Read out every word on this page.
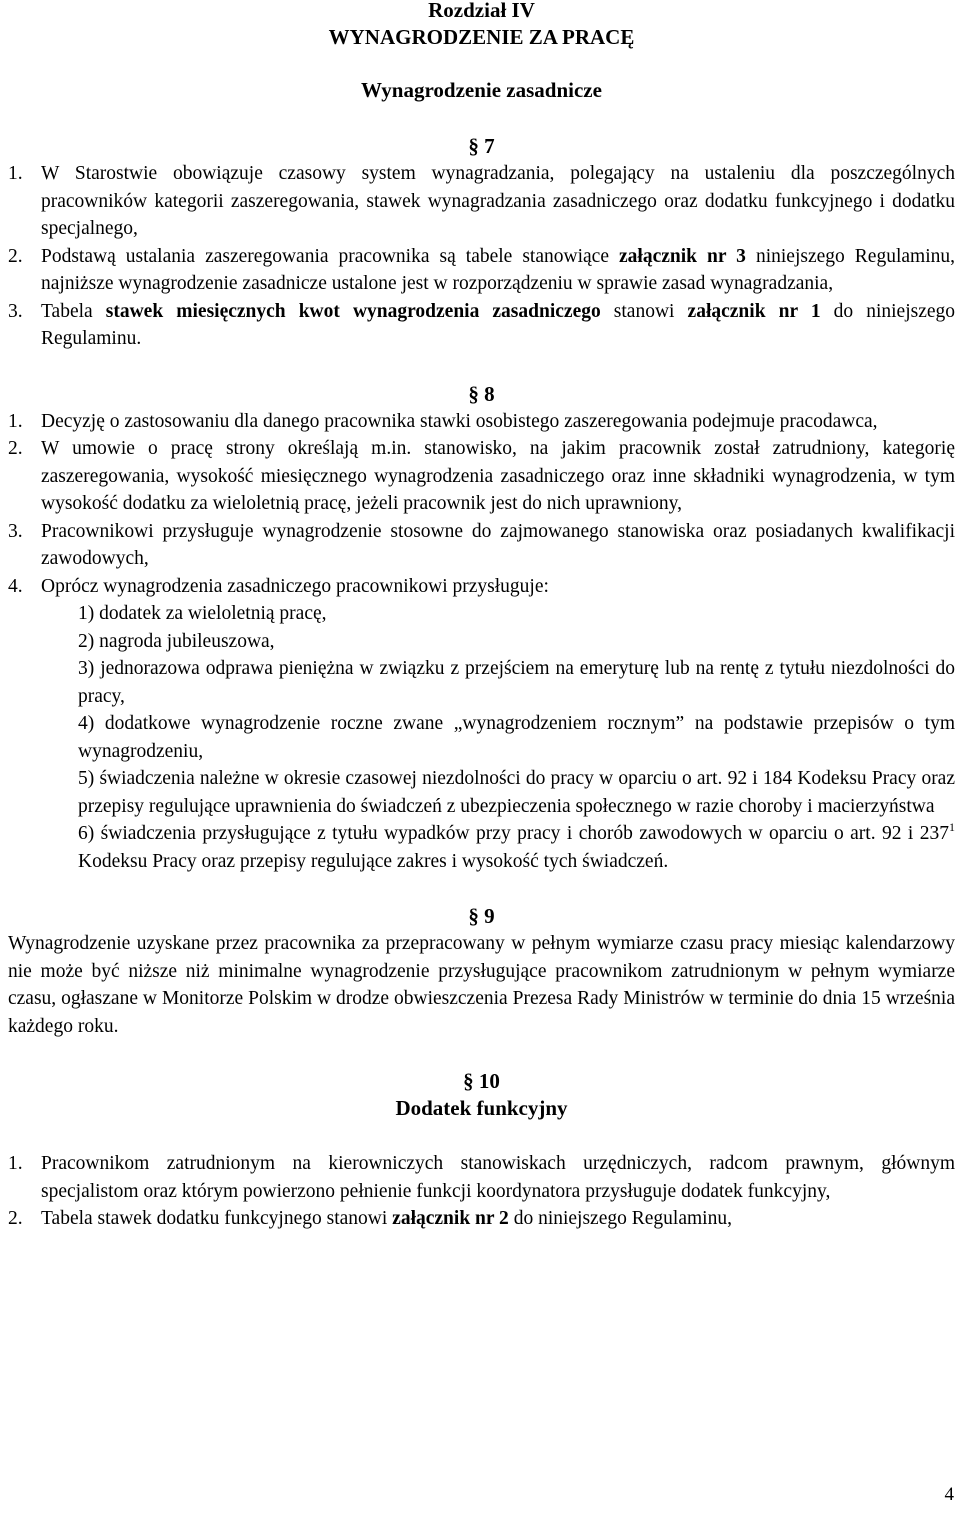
Rozdział IV
WYNAGRODZENIE ZA PRACĘ
Wynagrodzenie zasadnicze
§ 7
1. W Starostwie obowiązuje czasowy system wynagradzania, polegający na ustaleniu dla poszczególnych pracowników kategorii zaszeregowania, stawek wynagradzania zasadniczego oraz dodatku funkcyjnego i dodatku specjalnego,
2. Podstawą ustalania zaszeregowania pracownika są tabele stanowiące załącznik nr 3 niniejszego Regulaminu, najniższe wynagrodzenie zasadnicze ustalone jest w rozporządzeniu w sprawie zasad wynagradzania,
3. Tabela stawek miesięcznych kwot wynagrodzenia zasadniczego stanowi załącznik nr 1 do niniejszego Regulaminu.
§ 8
1. Decyzję o zastosowaniu dla danego pracownika stawki osobistego zaszeregowania podejmuje pracodawca,
2. W umowie o pracę strony określają m.in. stanowisko, na jakim pracownik został zatrudniony, kategorię zaszeregowania, wysokość miesięcznego wynagrodzenia zasadniczego oraz inne składniki wynagrodzenia, w tym wysokość dodatku za wieloletnią pracę, jeżeli pracownik jest do nich uprawniony,
3. Pracownikowi przysługuje wynagrodzenie stosowne do zajmowanego stanowiska oraz posiadanych kwalifikacji zawodowych,
4. Oprócz wynagrodzenia zasadniczego pracownikowi przysługuje:
1) dodatek za wieloletnią pracę,
2) nagroda jubileuszowa,
3) jednorazowa odprawa pieniężna w związku z przejściem na emeryturę lub na rentę z tytułu niezdolności do pracy,
4) dodatkowe wynagrodzenie roczne zwane „wynagrodzeniem rocznym” na podstawie przepisów o tym wynagrodzeniu,
5) świadczenia należne w okresie czasowej niezdolności do pracy w oparciu o art. 92 i 184 Kodeksu Pracy oraz przepisy regulujące uprawnienia do świadczeń z ubezpieczenia społecznego w razie choroby i macierzyństwa
6) świadczenia przysługujące z tytułu wypadków przy pracy i chorób zawodowych w oparciu o art. 92 i $237^1$ Kodeksu Pracy oraz przepisy regulujące zakres i wysokość tych świadczeń.
§ 9
Wynagrodzenie uzyskane przez pracownika za przepracowany w pełnym wymiarze czasu pracy miesiąc kalendarzowy nie może być niższe niż minimalne wynagrodzenie przysługujące pracownikom zatrudnionym w pełnym wymiarze czasu, ogłaszane w Monitorze Polskim w drodze obwieszczenia Prezesa Rady Ministrów w terminie do dnia 15 września każdego roku.
§ 10
Dodatek funkcyjny
1. Pracownikom zatrudnionym na kierowniczych stanowiskach urzędniczych, radcom prawnym, głównym specjalistom oraz którym powierzono pełnienie funkcji koordynatora przysługuje dodatek funkcyjny,
2. Tabela stawek dodatku funkcyjnego stanowi załącznik nr 2 do niniejszego Regulaminu,
4
